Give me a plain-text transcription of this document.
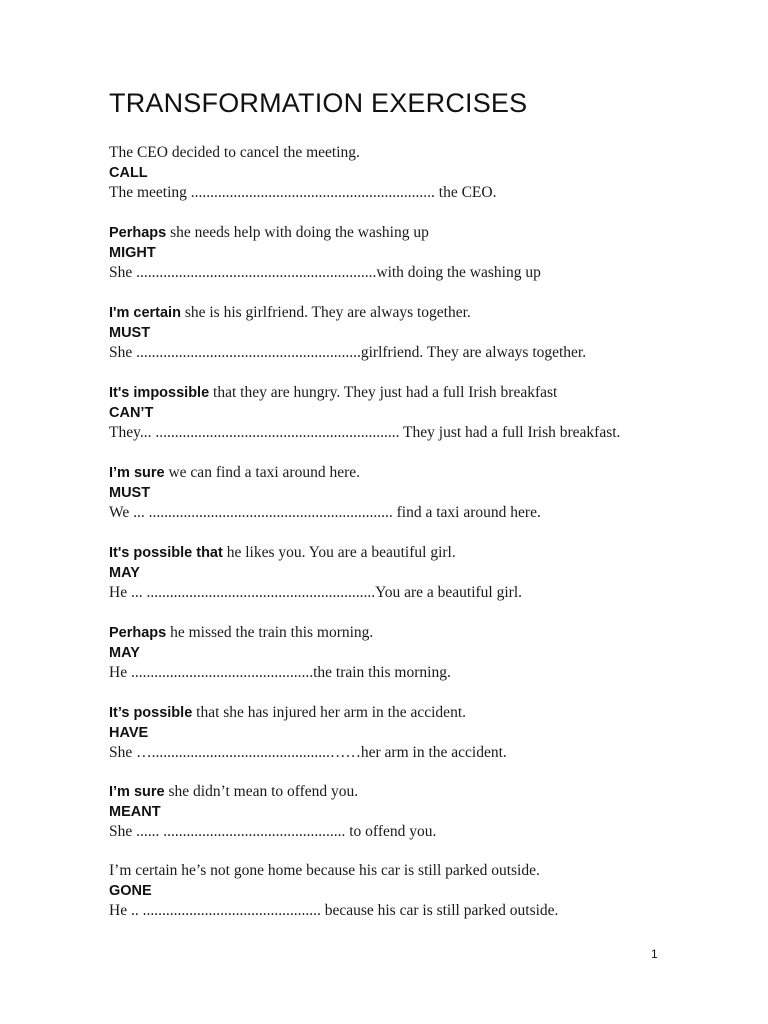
TRANSFORMATION EXERCISES
The CEO decided to cancel the meeting.
CALL
The meeting ............................................................... the CEO.
Perhaps she needs help with doing the washing up
MIGHT
She ..............................................................with doing the washing up
I'm certain she is his girlfriend. They are always together.
MUST
She ..........................................................girlfriend. They are always together.
It's impossible that they are hungry. They just had a full Irish breakfast
CAN’T
They... ............................................................... They just had a full Irish breakfast.
I’m sure we can find a taxi around here.
MUST
We ... ............................................................... find a taxi around here.
It's possible that he likes you. You are a beautiful girl.
MAY
He ... ...........................................................You are a beautiful girl.
Perhaps he missed the train this morning.
MAY
He ...............................................the train this morning.
It’s possible that she has injured her arm in the accident.
HAVE
She …..............................................……her arm in the accident.
I’m sure she didn’t mean to offend you.
MEANT
She ...... ............................................... to offend you.
I’m certain he’s not gone home because his car is still parked outside.
GONE
He .. .............................................. because his car is still parked outside.
1
